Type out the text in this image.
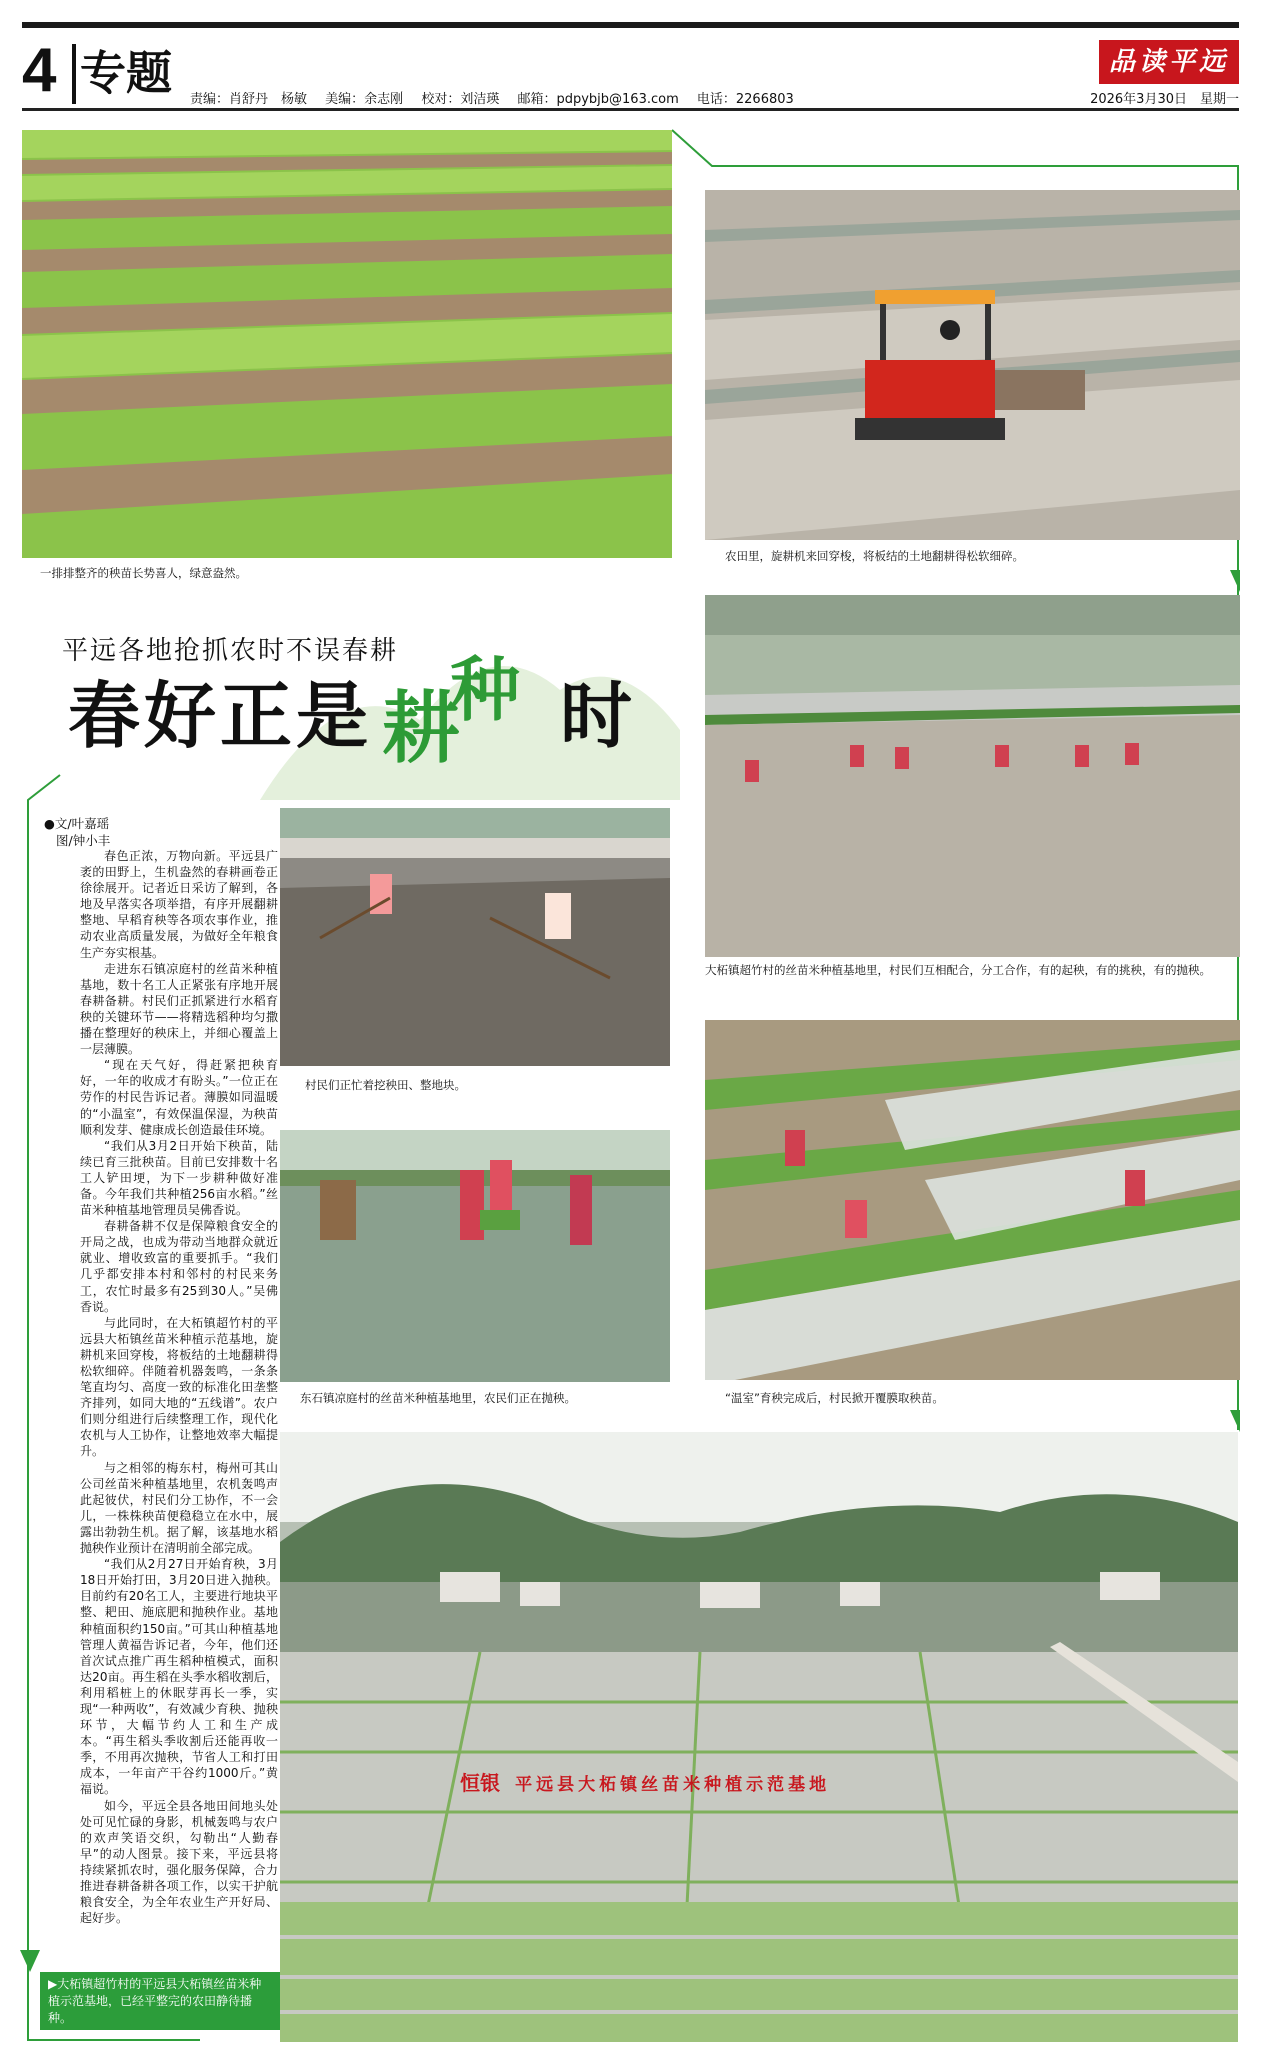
4 专题 责编：肖舒丹　杨敏 美编：余志刚 校对：刘洁瑛 邮箱：pdpybjb@163.com 电话：2266803
品读平远
2026年3月30日　星期一
一排排整齐的秧苗长势喜人，绿意盎然。
农田里，旋耕机来回穿梭，将板结的土地翻耕得松软细碎。
平远各地抢抓农时不误春耕
春好正是 耕
种 时
●文/叶嘉瑶
图/钟小丰

春色正浓，万物向新。平远县广袤的田野上，生机盎然的春耕画卷正徐徐展开。记者近日采访了解到，各地及早落实各项举措，有序开展翻耕整地、早稻育秧等各项农事作业，推动农业高质量发展，为做好全年粮食生产夯实根基。

走进东石镇凉庭村的丝苗米种植基地，数十名工人正紧张有序地开展春耕备耕。村民们正抓紧进行水稻育秧的关键环节——将精选稻种均匀撒播在整理好的秧床上，并细心覆盖上一层薄膜。

“现在天气好，得赶紧把秧育好，一年的收成才有盼头。”一位正在劳作的村民告诉记者。薄膜如同温暖的“小温室”，有效保温保湿，为秧苗顺利发芽、健康成长创造最佳环境。

“我们从3月2日开始下秧苗，陆续已育三批秧苗。目前已安排数十名工人铲田埂，为下一步耕种做好准备。今年我们共种植256亩水稻。”丝苗米种植基地管理员吴佛香说。

春耕备耕不仅是保障粮食安全的开局之战，也成为带动当地群众就近就业、增收致富的重要抓手。“我们几乎都安排本村和邻村的村民来务工，农忙时最多有25到30人。”吴佛香说。

与此同时，在大柘镇超竹村的平远县大柘镇丝苗米种植示范基地，旋耕机来回穿梭，将板结的土地翻耕得松软细碎。伴随着机器轰鸣，一条条笔直均匀、高度一致的标准化田垄整齐排列，如同大地的“五线谱”。农户们则分组进行后续整理工作，现代化农机与人工协作，让整地效率大幅提升。

与之相邻的梅东村，梅州可其山公司丝苗米种植基地里，农机轰鸣声此起彼伏，村民们分工协作，不一会儿，一株株秧苗便稳稳立在水中，展露出勃勃生机。据了解，该基地水稻抛秧作业预计在清明前全部完成。

“我们从2月27日开始育秧，3月18日开始打田，3月20日进入抛秧。目前约有20名工人，主要进行地块平整、耙田、施底肥和抛秧作业。基地种植面积约150亩。”可其山种植基地管理人黄福告诉记者，今年，他们还首次试点推广再生稻种植模式，面积达20亩。再生稻在头季水稻收割后，利用稻桩上的休眠芽再长一季，实现“一种两收”，有效减少育秧、抛秧环节，大幅节约人工和生产成本。“再生稻头季收割后还能再收一季，不用再次抛秧，节省人工和打田成本，一年亩产干谷约1000斤。”黄福说。

如今，平远全县各地田间地头处处可见忙碌的身影，机械轰鸣与农户的欢声笑语交织，勾勒出“人勤春早”的动人图景。接下来，平远县将持续紧抓农时，强化服务保障，合力推进春耕备耕各项工作，以实干护航粮食安全，为全年农业生产开好局、起好步。

村民们正忙着挖秧田、整地块。
东石镇凉庭村的丝苗米种植基地里，农民们正在抛秧。
大柘镇超竹村的丝苗米种植基地里，村民们互相配合，分工合作，有的起秧，有的挑秧，有的抛秧。
“温室”育秧完成后，村民掀开覆膜取秧苗。
恒银 平远县大柘镇丝苗米种植示范基地
▶大柘镇超竹村的平远县大柘镇丝苗米种植示范基地，已经平整完的农田静待播种。
